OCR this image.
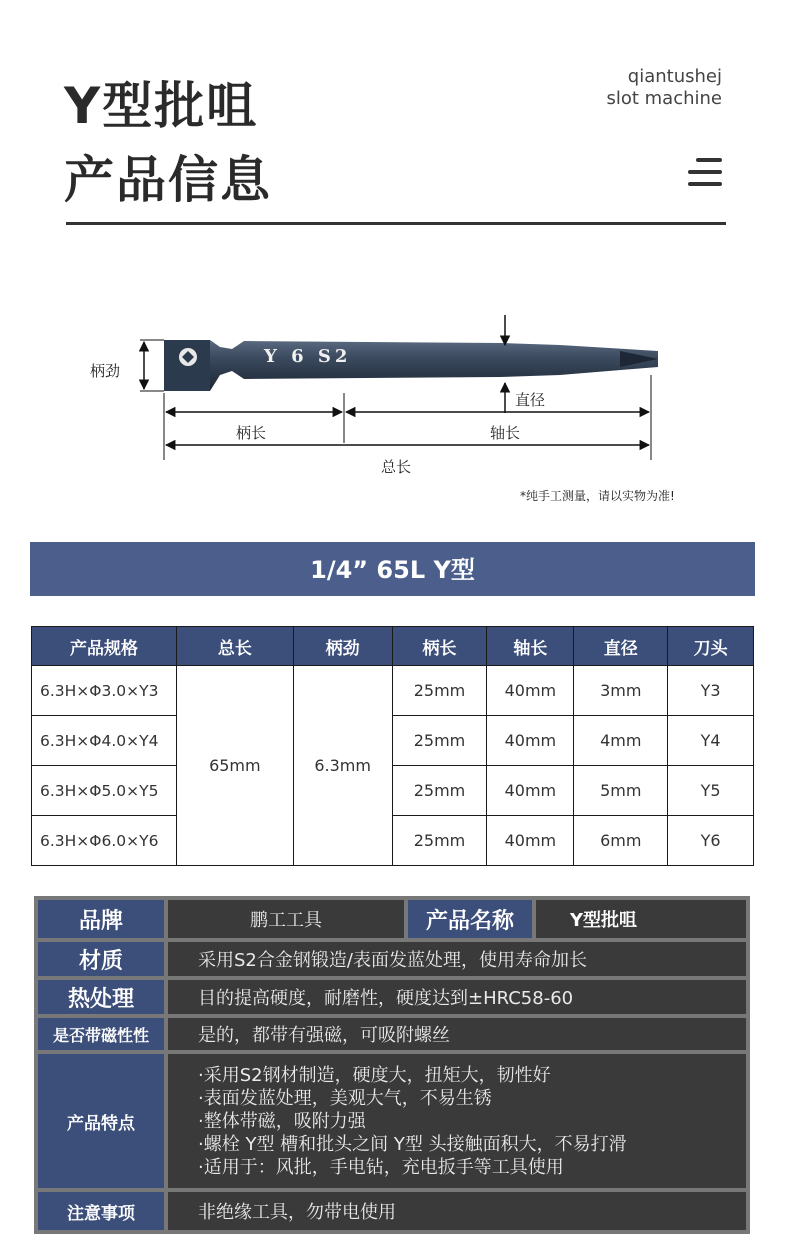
Y型批咀
产品信息
qiantushej
slot machine
Y 6 S2
柄劲
直径
柄长	轴长
总长
*纯手工测量，请以实物为准!
1/4” 65L Y型
产品规格	总长	柄劲	柄长	轴长	直径	刀头
6.3H×Φ3.0×Y3	65mm	6.3mm	25mm	40mm	3mm	Y3
6.3H×Φ4.0×Y4			25mm	40mm	4mm	Y4
6.3H×Φ5.0×Y5			25mm	40mm	5mm	Y5
6.3H×Φ6.0×Y6			25mm	40mm	6mm	Y6
品牌	鹏工工具	产品名称	Y型批咀
材质	采用S2合金钢锻造/表面发蓝处理，使用寿命加长
热处理	目的提高硬度，耐磨性，硬度达到±HRC58-60
是否带磁性性	是的，都带有强磁，可吸附螺丝
产品特点
·采用S2钢材制造，硬度大，扭矩大，韧性好
·表面发蓝处理，美观大气，不易生锈
·整体带磁，吸附力强
·螺栓 Y型 槽和批头之间 Y型 头接触面积大，不易打滑
·适用于：风批，手电钻，充电扳手等工具使用
注意事项	非绝缘工具，勿带电使用
